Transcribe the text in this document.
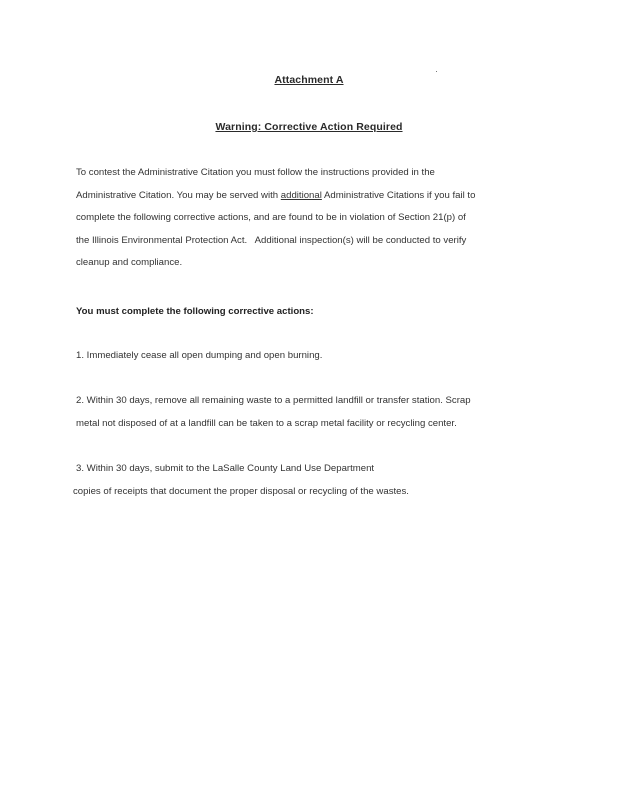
Attachment A
Warning: Corrective Action Required
To contest the Administrative Citation you must follow the instructions provided in the
Administrative Citation. You may be served with additional Administrative Citations if you fail to
complete the following corrective actions, and are found to be in violation of Section 21(p) of
the Illinois Environmental Protection Act.   Additional inspection(s) will be conducted to verify
cleanup and compliance.
You must complete the following corrective actions:
1. Immediately cease all open dumping and open burning.
2. Within 30 days, remove all remaining waste to a permitted landfill or transfer station. Scrap
metal not disposed of at a landfill can be taken to a scrap metal facility or recycling center.
3. Within 30 days, submit to the LaSalle County Land Use Department
copies of receipts that document the proper disposal or recycling of the wastes.
